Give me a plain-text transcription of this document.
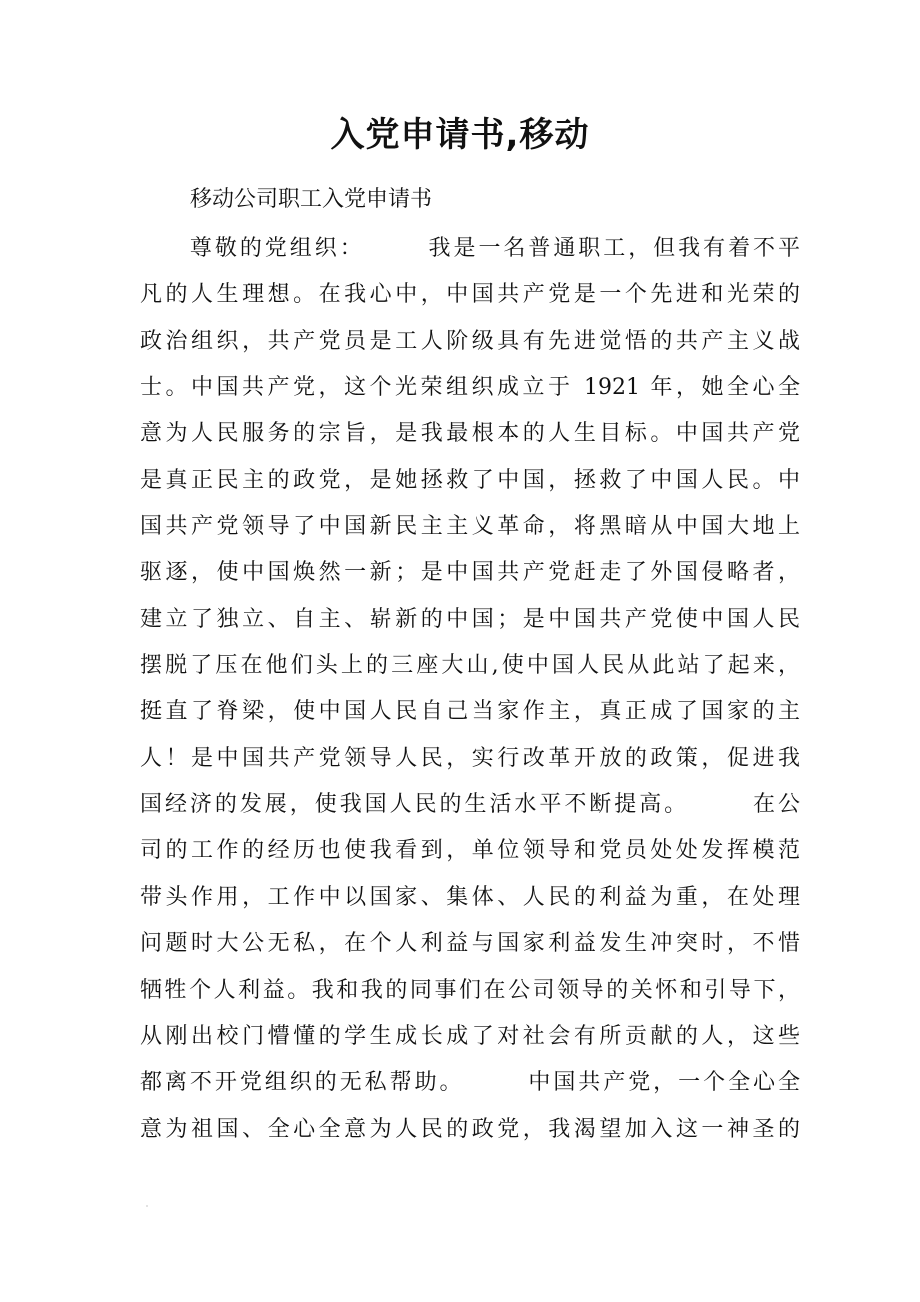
入党申请书,移动

移动公司职工入党申请书

　　尊敬的党组织：　　　我是一名普通职工，但我有着不平
凡的人生理想。在我心中，中国共产党是一个先进和光荣的
政治组织，共产党员是工人阶级具有先进觉悟的共产主义战
士。中国共产党，这个光荣组织成立于 1921 年，她全心全
意为人民服务的宗旨，是我最根本的人生目标。中国共产党
是真正民主的政党，是她拯救了中国，拯救了中国人民。中
国共产党领导了中国新民主主义革命，将黑暗从中国大地上
驱逐，使中国焕然一新；是中国共产党赶走了外国侵略者，
建立了独立、自主、崭新的中国；是中国共产党使中国人民
摆脱了压在他们头上的三座大山,使中国人民从此站了起来，
挺直了脊梁，使中国人民自己当家作主，真正成了国家的主
人！是中国共产党领导人民，实行改革开放的政策，促进我
国经济的发展，使我国人民的生活水平不断提高。　　　在公
司的工作的经历也使我看到，单位领导和党员处处发挥模范
带头作用，工作中以国家、集体、人民的利益为重，在处理
问题时大公无私，在个人利益与国家利益发生冲突时，不惜
牺牲个人利益。我和我的同事们在公司领导的关怀和引导下，
从刚出校门懵懂的学生成长成了对社会有所贡献的人，这些
都离不开党组织的无私帮助。　　　中国共产党，一个全心全
意为祖国、全心全意为人民的政党，我渴望加入这一神圣的
